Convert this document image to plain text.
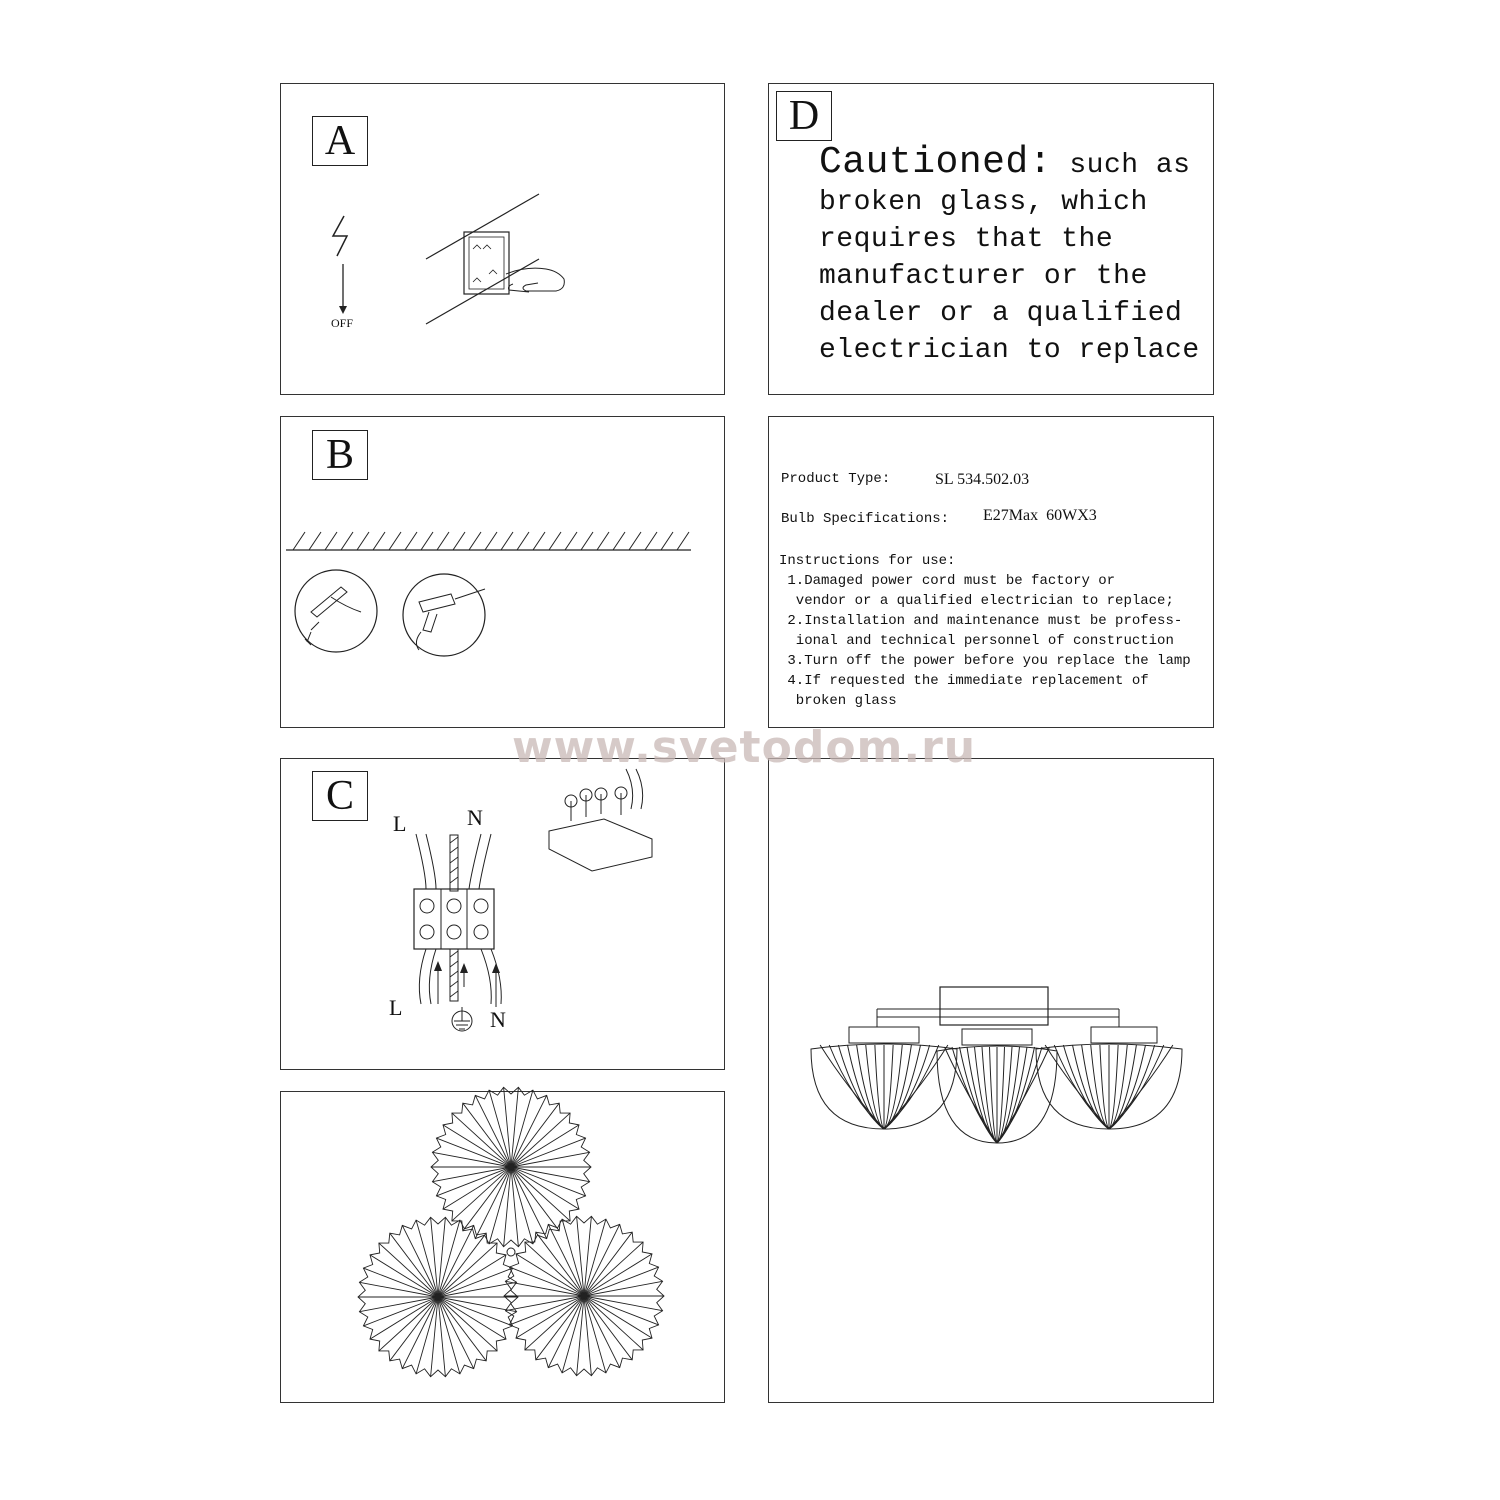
A
OFF
D
Cautioned: such as
broken glass, which
requires that the
manufacturer or the
dealer or a qualified
electrician to replace
B
Product Type:	SL 534.502.03
Bulb Specifications: E27Max  60WX3
Instructions for use:
1.Damaged power cord must be factory or
vendor or a qualified electrician to replace;
2.Installation and maintenance must be profess-
ional and technical personnel of construction
3.Turn off the power before you replace the lamp
4.If requested the immediate replacement of
broken glass
C
L	N
L	N
www.svetodom.ru
